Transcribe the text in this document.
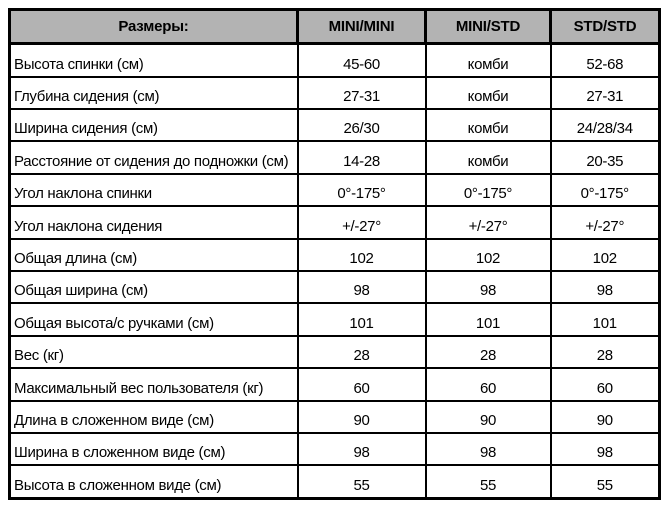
Размеры:	MINI/MINI	MINI/STD	STD/STD
Высота спинки (см)	45-60	комби	52-68
Глубина сидения (см)	27-31	комби	27-31
Ширина сидения (см)	26/30	комби	24/28/34
Расстояние от сидения до подножки (см)	14-28	комби	20-35
Угол наклона спинки	0°-175°	0°-175°	0°-175°
Угол наклона сидения	+/-27°	+/-27°	+/-27°
Общая длина (см)	102	102	102
Общая ширина (см)	98	98	98
Общая высота/с ручками (см)	101	101	101
Вес (кг)	28	28	28
Максимальный вес пользователя (кг)	60	60	60
Длина в сложенном виде (см)	90	90	90
Ширина в сложенном виде (см)	98	98	98
Высота в сложенном виде (см)	55	55	55
